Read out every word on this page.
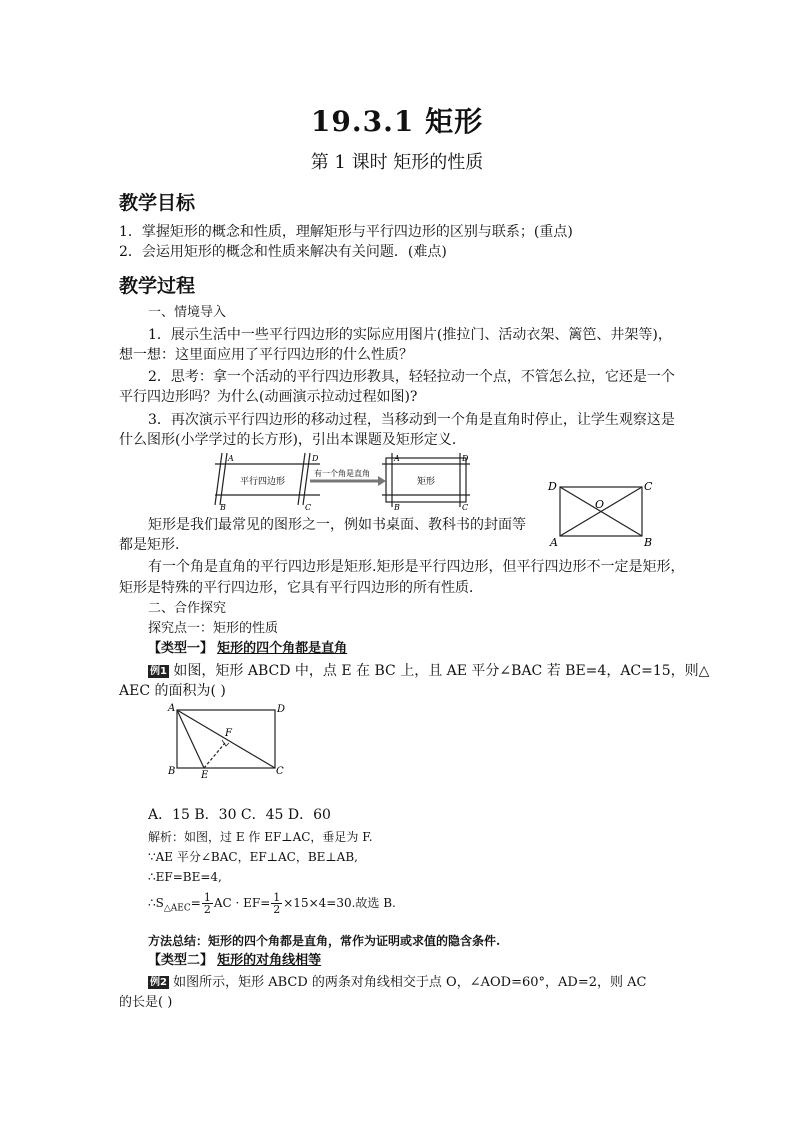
19.3.1 矩形
第 1 课时 矩形的性质
教学目标
1．掌握矩形的概念和性质，理解矩形与平行四边形的区别与联系；(重点)
2．会运用矩形的概念和性质来解决有关问题．(难点)
教学过程
一、情境导入
1．展示生活中一些平行四边形的实际应用图片(推拉门、活动衣架、篱笆、井架等)，
想一想：这里面应用了平行四边形的什么性质？
2．思考：拿一个活动的平行四边形教具，轻轻拉动一个点，不管怎么拉，它还是一个
平行四边形吗？为什么(动画演示拉动过程如图)?
3．再次演示平行四边形的移动过程，当移动到一个角是直角时停止，让学生观察这是
什么图形(小学学过的长方形)，引出本课题及矩形定义．
A	D
B	C
平行四边形
有一个角是直角
A	D
B	C
矩形	D	C
A	B
O
矩形是我们最常见的图形之一，例如书桌面、教科书的封面等
都是矩形.
有一个角是直角的平行四边形是矩形.矩形是平行四边形，但平行四边形不一定是矩形，
矩形是特殊的平行四边形，它具有平行四边形的所有性质．
二、合作探究
探究点一：矩形的性质
【类型一】 矩形的四个角都是直角
例1 如图，矩形 ABCD 中，点 E 在 BC 上，且 AE 平分∠BAC 若 BE=4，AC=15，则△
AEC 的面积为( )
A	D
B	C
E
F
A．15 B．30 C．45 D．60
解析：如图，过 E 作 EF⊥AC，垂足为 F.
∵AE 平分∠BAC，EF⊥AC，BE⊥AB,
∴EF=BE=4,
$\therefore S_{\triangle AEC}= \frac{1}{2}$ AC · $EF= \frac{1}{2} \times 15\times 4=30$.故选 B.
方法总结：矩形的四个角都是直角，常作为证明或求值的隐含条件.
【类型二】 矩形的对角线相等
例2 如图所示，矩形 ABCD 的两条对角线相交于点 O，∠AOD=60°，AD=2，则 AC
的长是( )
